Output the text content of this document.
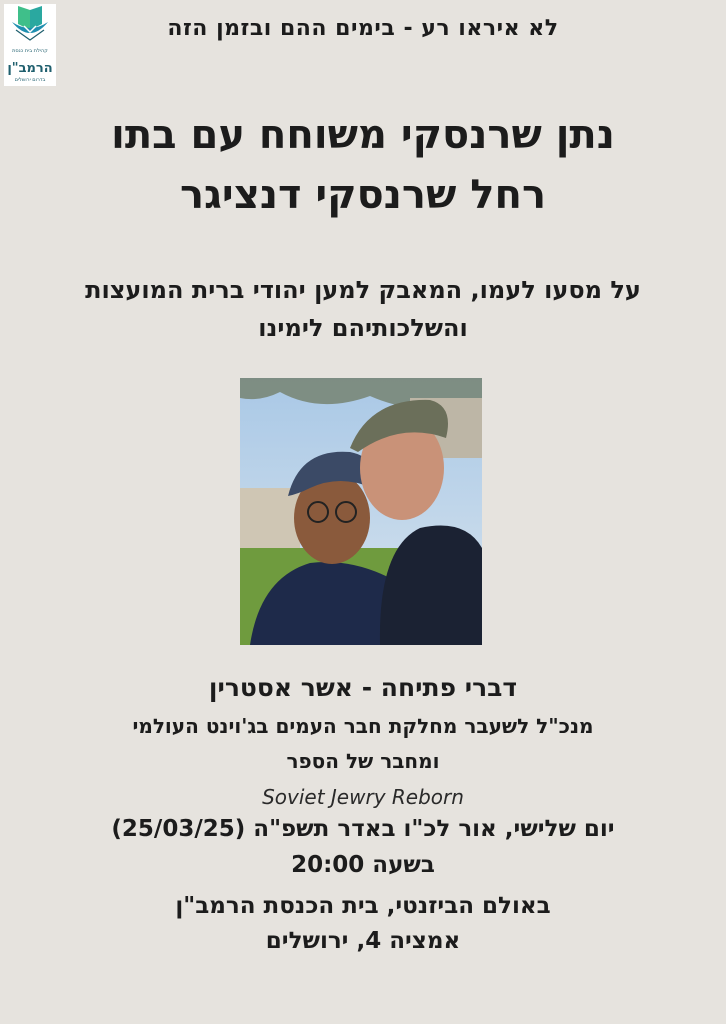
קהילת בית כנסת
הרמב"ן
בדרום ירושלים
לא איראו רע - בימים ההם ובזמן הזה
נתן שרנסקי משוחח עם בתו
רחל שרנסקי דנציגר
על מסעו לעמו, המאבק למען יהודי ברית המועצות
והשלכותיהם לימינו
דברי פתיחה - אשר אסטרין
מנכ"ל לשעבר מחלקת חבר העמים בג'וינט העולמי
ומחבר של הספר
Soviet Jewry Reborn
יום שלישי, אור לכ"ו באדר תשפ"ה (25/03/25)
בשעה 20:00
באולם הביזנטי, בית הכנסת הרמב"ן
אמציה 4, ירושלים
